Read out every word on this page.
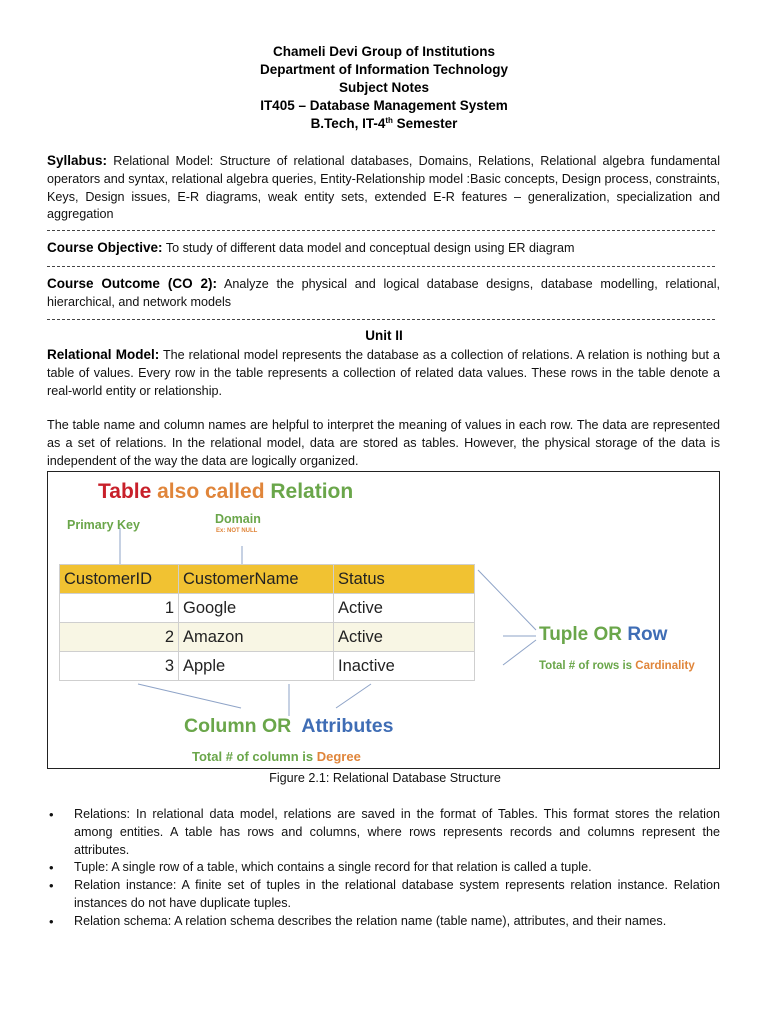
Chameli Devi Group of Institutions
Department of Information Technology
Subject Notes
IT405 – Database Management System
B.Tech, IT-4th Semester
Syllabus: Relational Model: Structure of relational databases, Domains, Relations, Relational algebra fundamental operators and syntax, relational algebra queries, Entity-Relationship model :Basic concepts, Design process, constraints, Keys, Design issues, E-R diagrams, weak entity sets, extended E-R features – generalization, specialization and aggregation
Course Objective: To study of different data model and conceptual design using ER diagram
Course Outcome (CO 2): Analyze the physical and logical database designs, database modelling, relational, hierarchical, and network models
Unit II
Relational Model: The relational model represents the database as a collection of relations. A relation is nothing but a table of values. Every row in the table represents a collection of related data values. These rows in the table denote a real-world entity or relationship.
The table name and column names are helpful to interpret the meaning of values in each row. The data are represented as a set of relations. In the relational model, data are stored as tables. However, the physical storage of the data is independent of the way the data are logically organized.
Table also called Relation
Primary Key	Domain
Ex: NOT NULL
CustomerID	CustomerName	Status
1	Google	Active
2	Amazon	Active
3	Apple	Inactive
Tuple OR Row
Total # of rows is Cardinality
Column OR  Attributes
Total # of column is Degree
Figure 2.1: Relational Database Structure
• Relations: In relational data model, relations are saved in the format of Tables. This format stores the relation among entities. A table has rows and columns, where rows represents records and columns represent the attributes.
• Tuple: A single row of a table, which contains a single record for that relation is called a tuple.
• Relation instance: A finite set of tuples in the relational database system represents relation instance. Relation instances do not have duplicate tuples.
• Relation schema: A relation schema describes the relation name (table name), attributes, and their names.
